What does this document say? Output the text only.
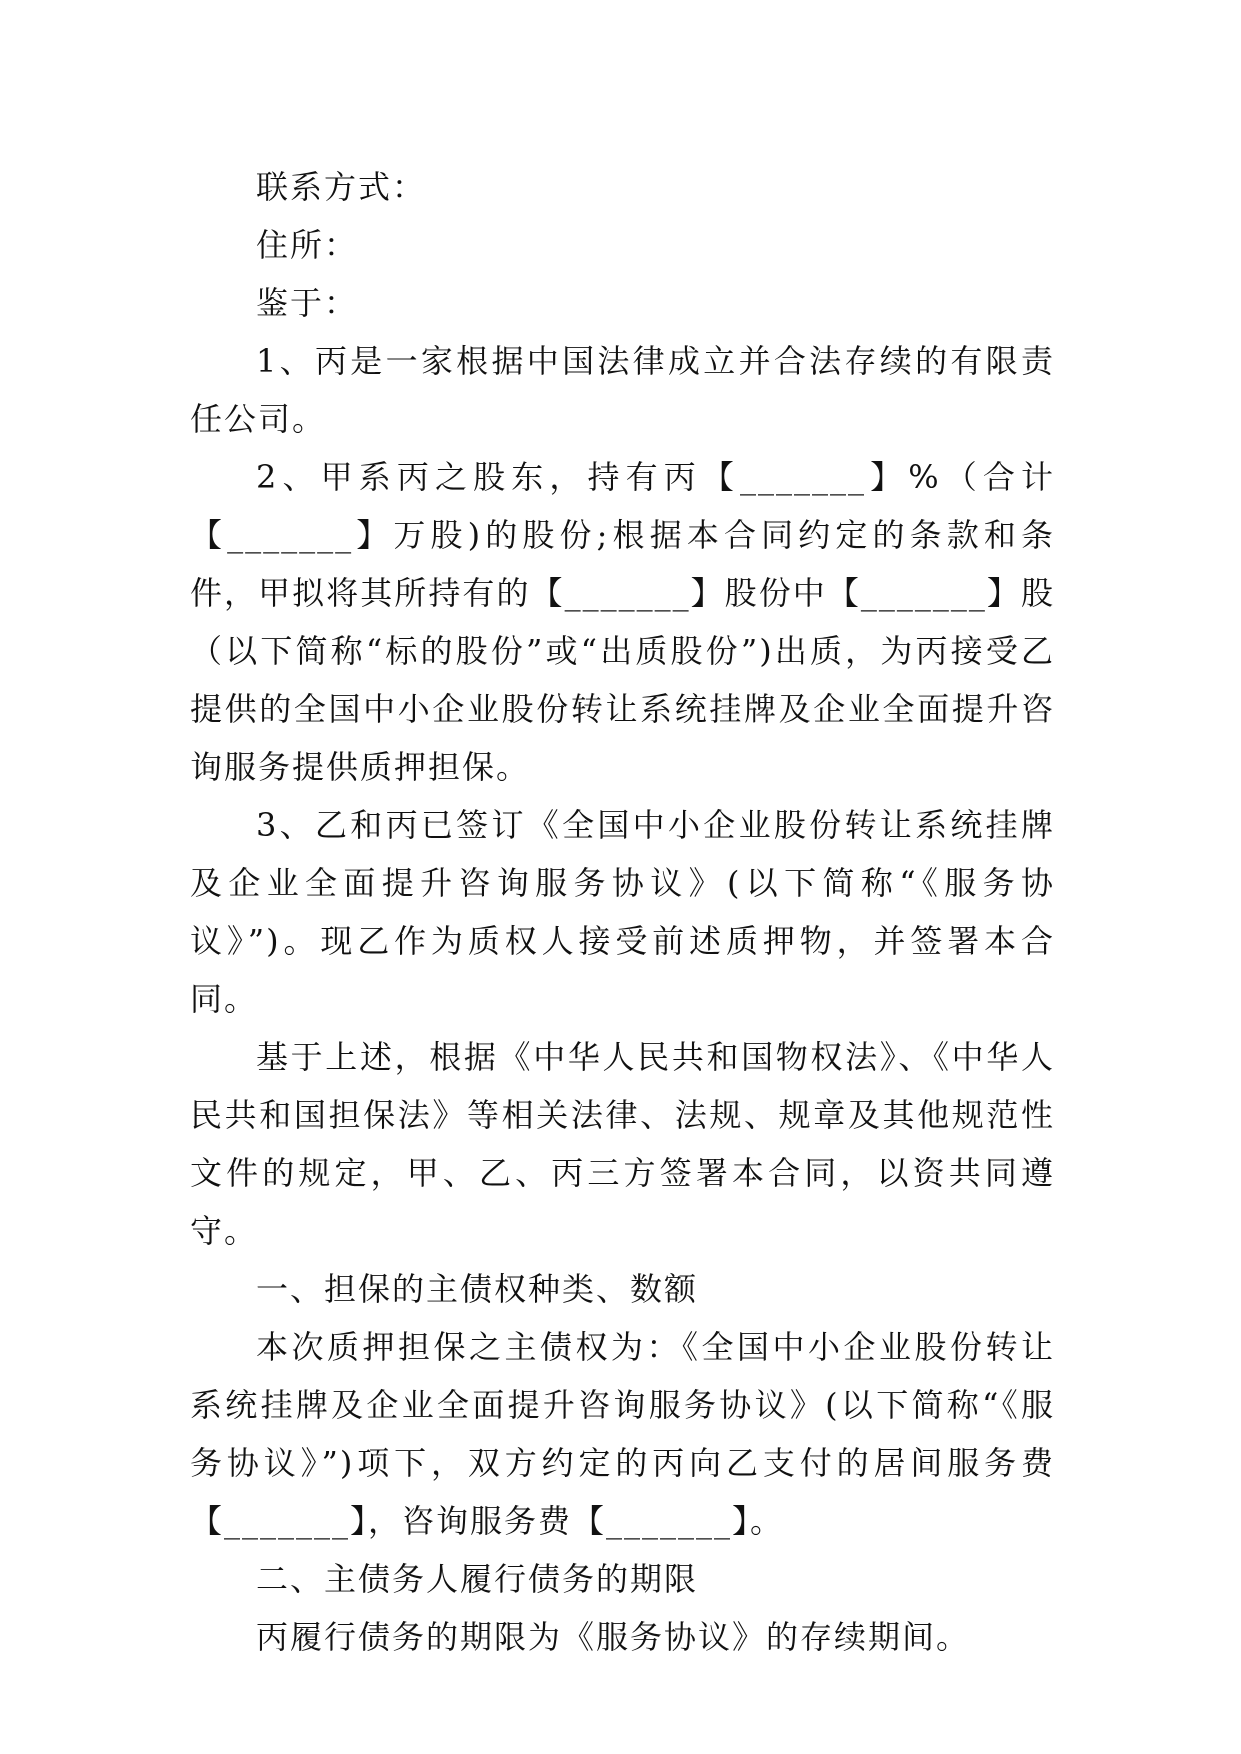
联系方式：

住所：

鉴于：

1、丙是一家根据中国法律成立并合法存续的有限责任公司。

2、甲系丙之股东，持有丙【_______】%（合计【_______】万股)的股份;根据本合同约定的条款和条件，甲拟将其所持有的【_______】股份中【_______】股（以下简称“标的股份”或“出质股份”)出质，为丙接受乙提供的全国中小企业股份转让系统挂牌及企业全面提升咨询服务提供质押担保。

3、乙和丙已签订《全国中小企业股份转让系统挂牌及企业全面提升咨询服务协议》(以下简称“《服务协议》”)。现乙作为质权人接受前述质押物，并签署本合同。

基于上述，根据《中华人民共和国物权法》、《中华人民共和国担保法》等相关法律、法规、规章及其他规范性文件的规定，甲、乙、丙三方签署本合同，以资共同遵守。

一、担保的主债权种类、数额

本次质押担保之主债权为：《全国中小企业股份转让系统挂牌及企业全面提升咨询服务协议》(以下简称“《服务协议》”)项下，双方约定的丙向乙支付的居间服务费【_______】，咨询服务费【_______】。

二、主债务人履行债务的期限

丙履行债务的期限为《服务协议》的存续期间。
